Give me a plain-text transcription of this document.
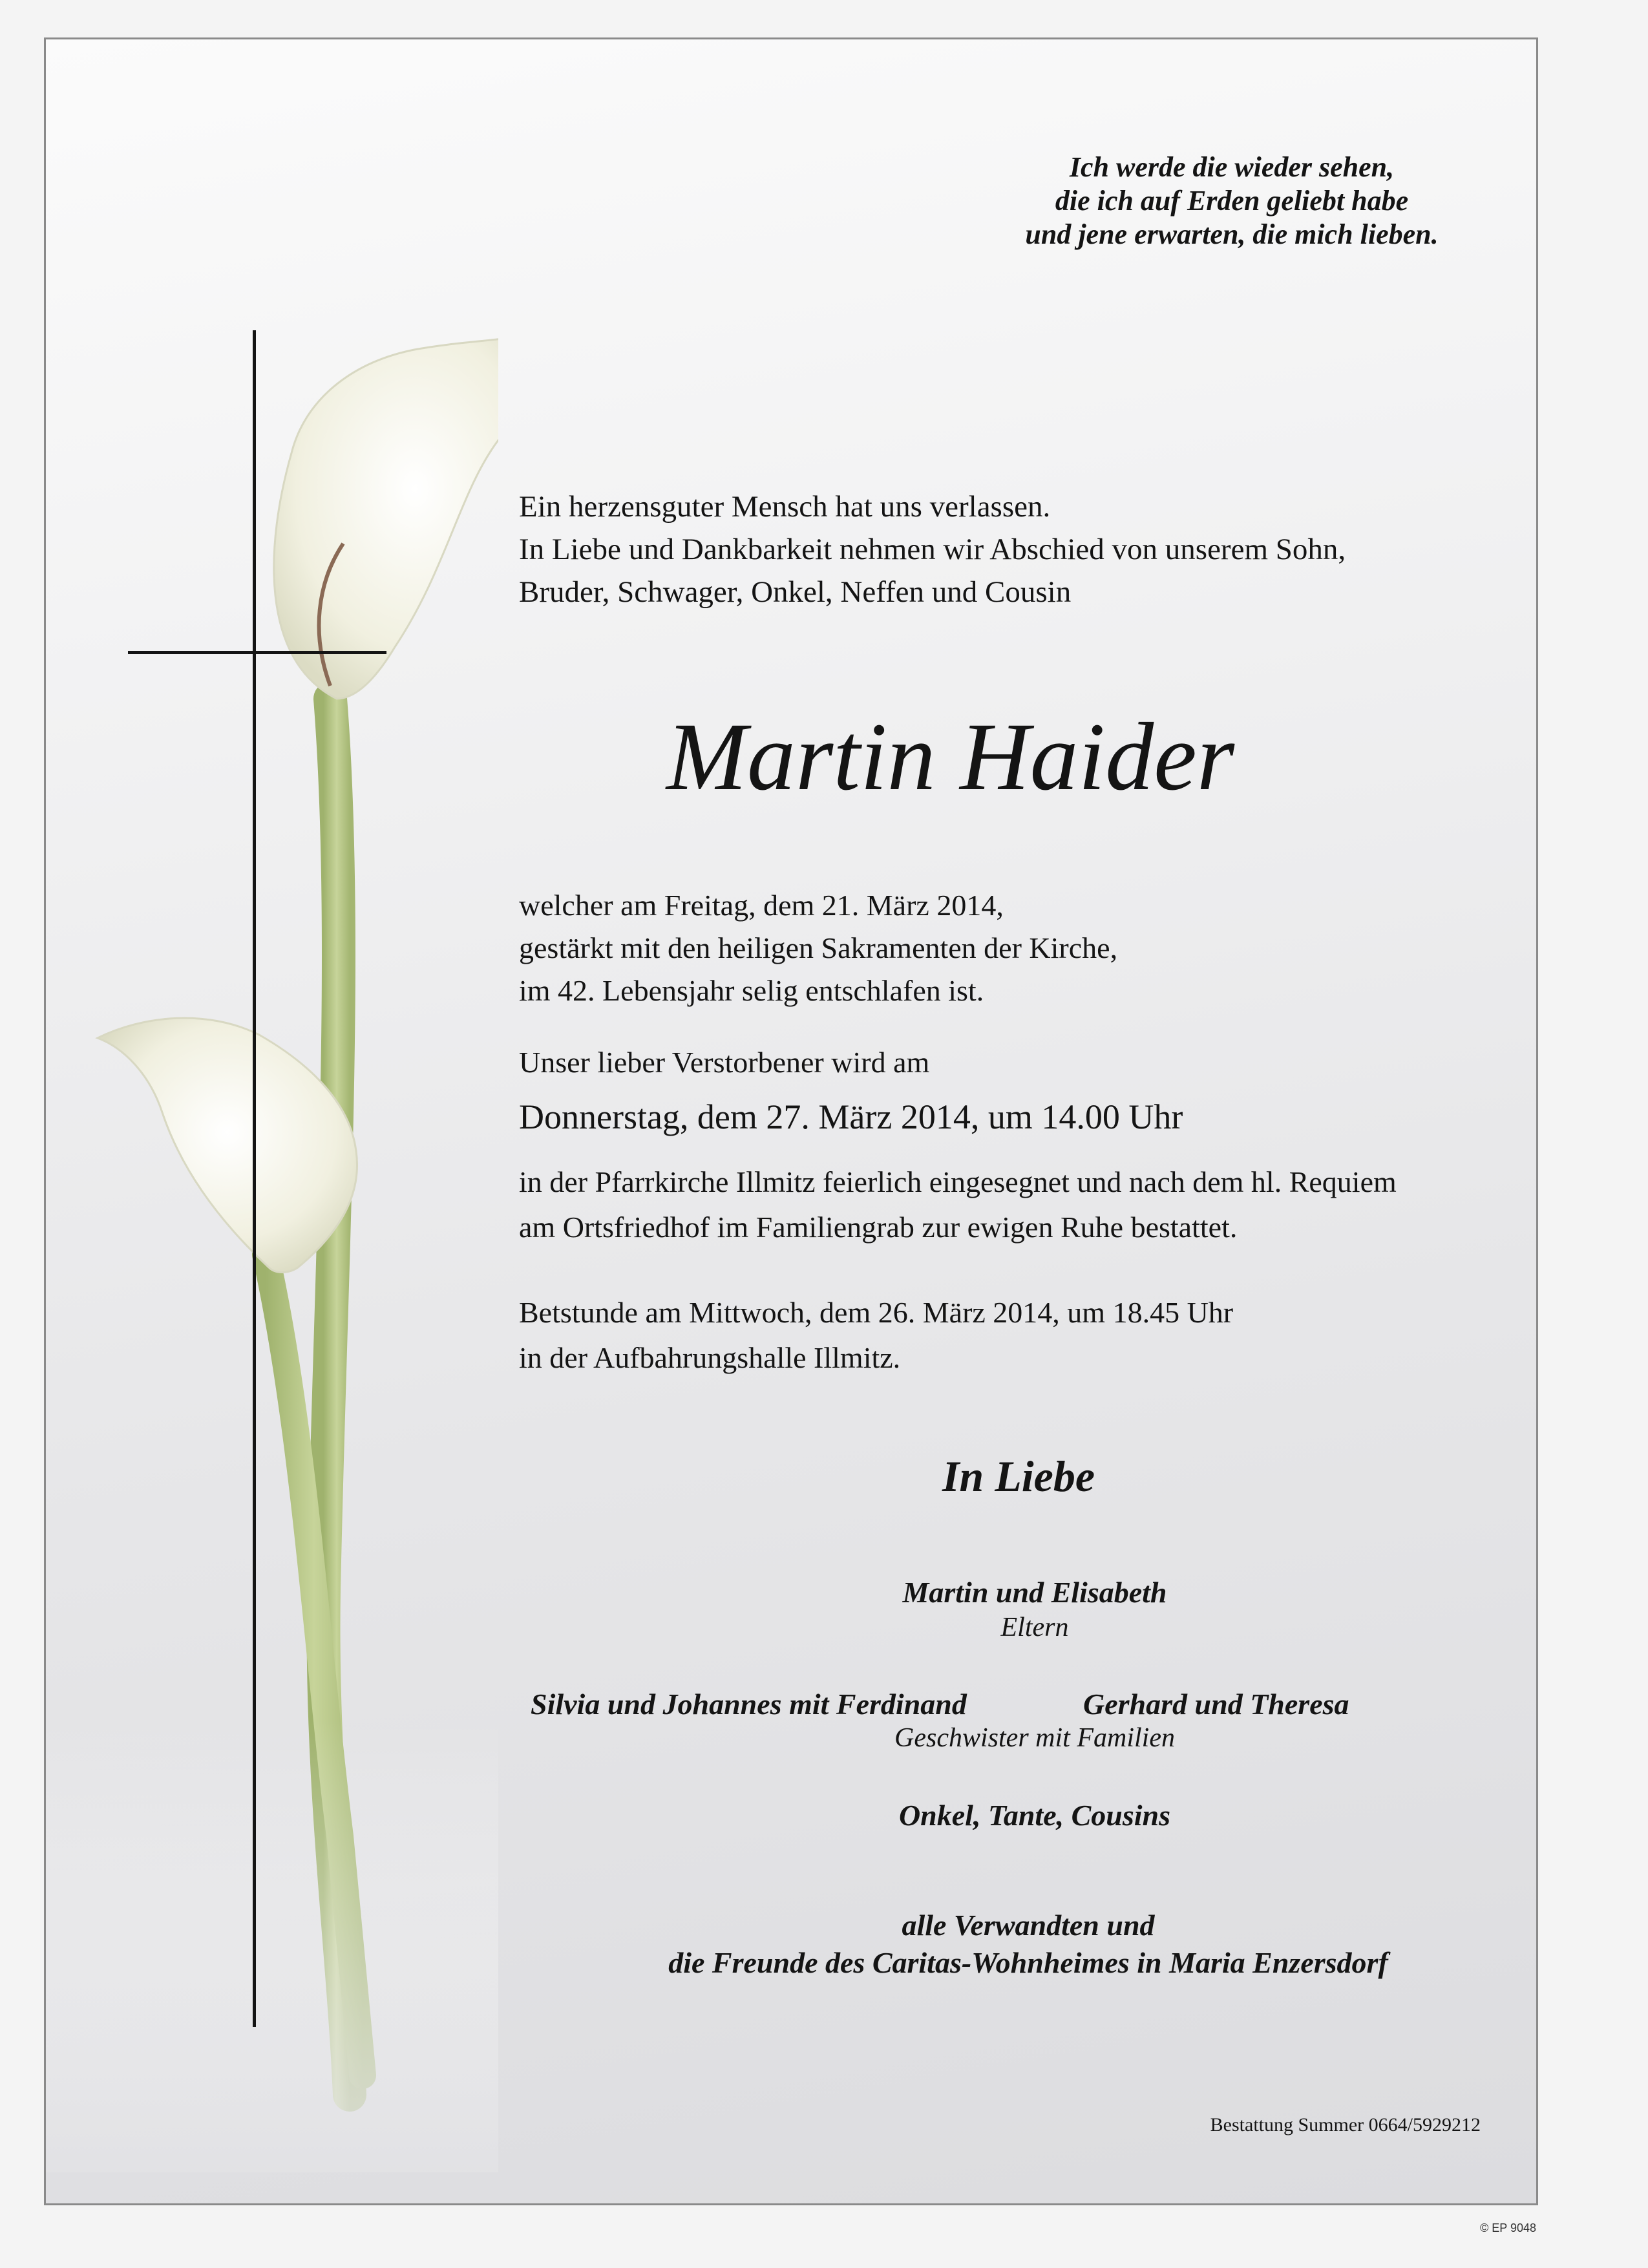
Ich werde die wieder sehen,
die ich auf Erden geliebt habe
und jene erwarten, die mich lieben.
Ein herzensguter Mensch hat uns verlassen.
In Liebe und Dankbarkeit nehmen wir Abschied von unserem Sohn,
Bruder, Schwager, Onkel, Neffen und Cousin
Martin Haider
welcher am Freitag, dem 21. März 2014,
gestärkt mit den heiligen Sakramenten der Kirche,
im 42. Lebensjahr selig entschlafen ist.
Unser lieber Verstorbener wird am
Donnerstag, dem 27. März 2014, um 14.00 Uhr
in der Pfarrkirche Illmitz feierlich eingesegnet und nach dem hl. Requiem
am Ortsfriedhof im Familiengrab zur ewigen Ruhe bestattet.
Betstunde am Mittwoch, dem 26. März 2014, um 18.45 Uhr
in der Aufbahrungshalle Illmitz.
In Liebe
Martin und Elisabeth
Eltern
Silvia und Johannes mit Ferdinand	Gerhard und Theresa
Geschwister mit Familien
Onkel, Tante, Cousins
alle Verwandten und
die Freunde des Caritas-Wohnheimes in Maria Enzersdorf
Bestattung Summer 0664/5929212
© EP 9048
